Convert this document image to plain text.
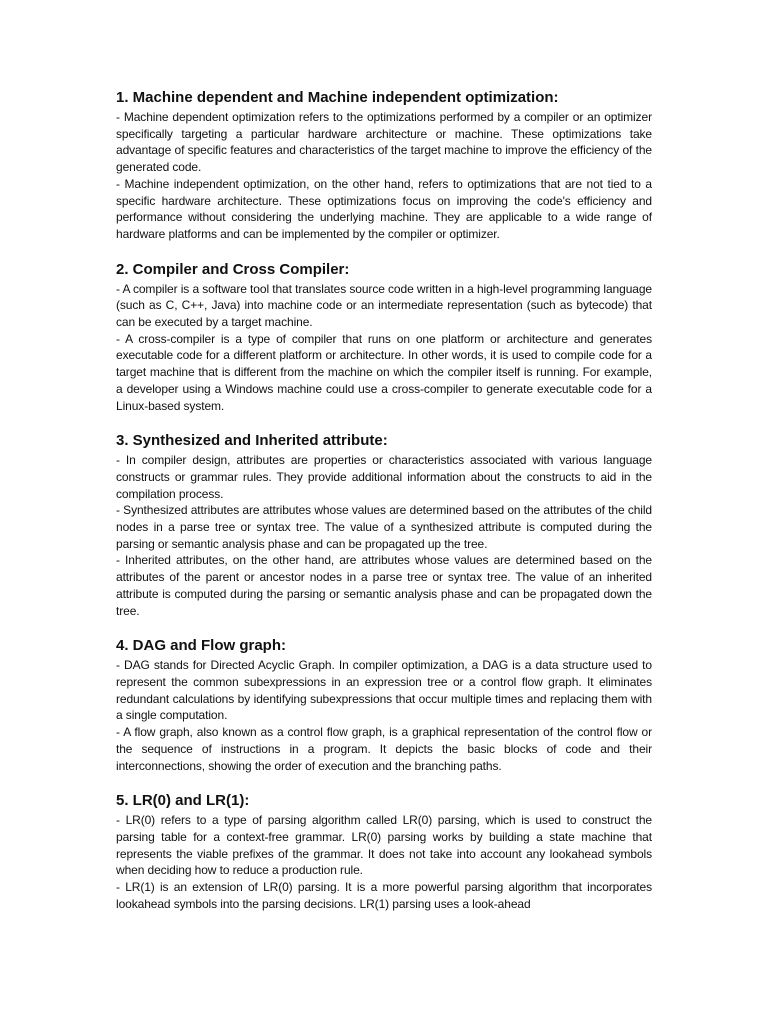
1. Machine dependent and Machine independent optimization:

- Machine dependent optimization refers to the optimizations performed by a compiler or an optimizer specifically targeting a particular hardware architecture or machine. These optimizations take advantage of specific features and characteristics of the target machine to improve the efficiency of the generated code.

- Machine independent optimization, on the other hand, refers to optimizations that are not tied to a specific hardware architecture. These optimizations focus on improving the code's efficiency and performance without considering the underlying machine. They are applicable to a wide range of hardware platforms and can be implemented by the compiler or optimizer.

2. Compiler and Cross Compiler:

- A compiler is a software tool that translates source code written in a high-level programming language (such as C, C++, Java) into machine code or an intermediate representation (such as bytecode) that can be executed by a target machine.

- A cross-compiler is a type of compiler that runs on one platform or architecture and generates executable code for a different platform or architecture. In other words, it is used to compile code for a target machine that is different from the machine on which the compiler itself is running. For example, a developer using a Windows machine could use a cross-compiler to generate executable code for a Linux-based system.

3. Synthesized and Inherited attribute:

- In compiler design, attributes are properties or characteristics associated with various language constructs or grammar rules. They provide additional information about the constructs to aid in the compilation process.

- Synthesized attributes are attributes whose values are determined based on the attributes of the child nodes in a parse tree or syntax tree. The value of a synthesized attribute is computed during the parsing or semantic analysis phase and can be propagated up the tree.

- Inherited attributes, on the other hand, are attributes whose values are determined based on the attributes of the parent or ancestor nodes in a parse tree or syntax tree. The value of an inherited attribute is computed during the parsing or semantic analysis phase and can be propagated down the tree.

4. DAG and Flow graph:

- DAG stands for Directed Acyclic Graph. In compiler optimization, a DAG is a data structure used to represent the common subexpressions in an expression tree or a control flow graph. It eliminates redundant calculations by identifying subexpressions that occur multiple times and replacing them with a single computation.

- A flow graph, also known as a control flow graph, is a graphical representation of the control flow or the sequence of instructions in a program. It depicts the basic blocks of code and their interconnections, showing the order of execution and the branching paths.

5. LR(0) and LR(1):

- LR(0) refers to a type of parsing algorithm called LR(0) parsing, which is used to construct the parsing table for a context-free grammar. LR(0) parsing works by building a state machine that represents the viable prefixes of the grammar. It does not take into account any lookahead symbols when deciding how to reduce a production rule.

- LR(1) is an extension of LR(0) parsing. It is a more powerful parsing algorithm that incorporates lookahead symbols into the parsing decisions. LR(1) parsing uses a look-ahead
